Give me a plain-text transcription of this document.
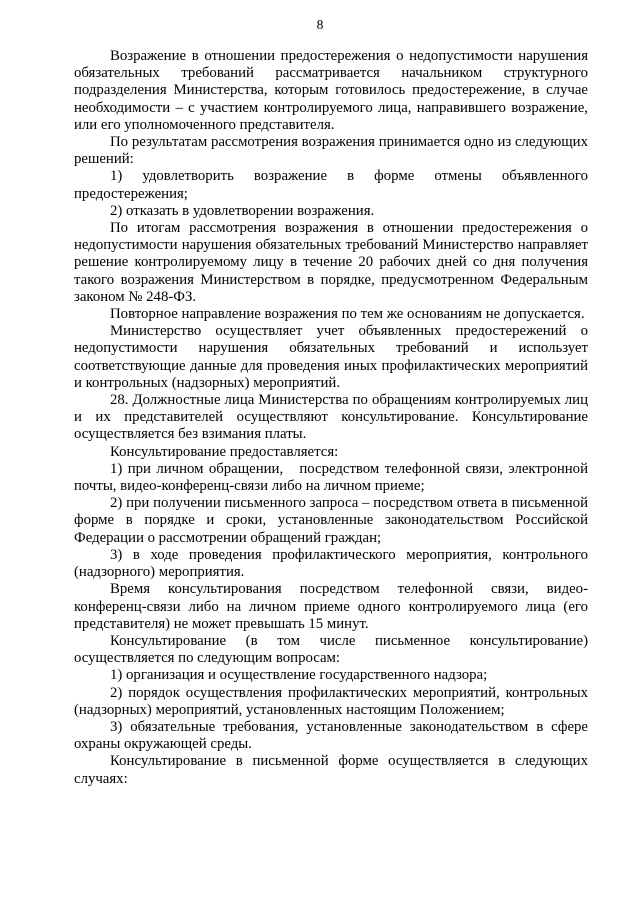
8

Возражение в отношении предостережения о недопустимости нарушения обязательных требований рассматривается начальником структурного подразделения Министерства, которым готовилось предостережение, в случае необходимости – с участием контролируемого лица, направившего возражение, или его уполномоченного представителя.

По результатам рассмотрения возражения принимается одно из следующих решений:

1) удовлетворить возражение в форме отмены объявленного предостережения;

2) отказать в удовлетворении возражения.

По итогам рассмотрения возражения в отношении предостережения о недопустимости нарушения обязательных требований Министерство направляет решение контролируемому лицу в течение 20 рабочих дней со дня получения такого возражения Министерством в порядке, предусмотренном Федеральным законом № 248-ФЗ.

Повторное направление возражения по тем же основаниям не допускается.

Министерство осуществляет учет объявленных предостережений о недопустимости нарушения обязательных требований и использует соответствующие данные для проведения иных профилактических мероприятий и контрольных (надзорных) мероприятий.

28. Должностные лица Министерства по обращениям контролируемых лиц и их представителей осуществляют консультирование. Консультирование осуществляется без взимания платы.

Консультирование предоставляется:

1) при личном обращении,   посредством телефонной связи, электронной почты, видео-конференц-связи либо на личном приеме;

2) при получении письменного запроса – посредством ответа в письменной форме в порядке и сроки, установленные законодательством Российской Федерации о рассмотрении обращений граждан;

3) в ходе проведения профилактического мероприятия, контрольного (надзорного) мероприятия.

Время консультирования посредством телефонной связи, видео-конференц-связи либо на личном приеме одного контролируемого лица (его представителя) не может превышать 15 минут.

Консультирование (в том числе письменное консультирование) осуществляется по следующим вопросам:

1) организация и осуществление государственного надзора;

2) порядок осуществления профилактических мероприятий, контрольных (надзорных) мероприятий, установленных настоящим Положением;

3) обязательные требования, установленные законодательством в сфере охраны окружающей среды.

Консультирование в письменной форме осуществляется в следующих случаях:
